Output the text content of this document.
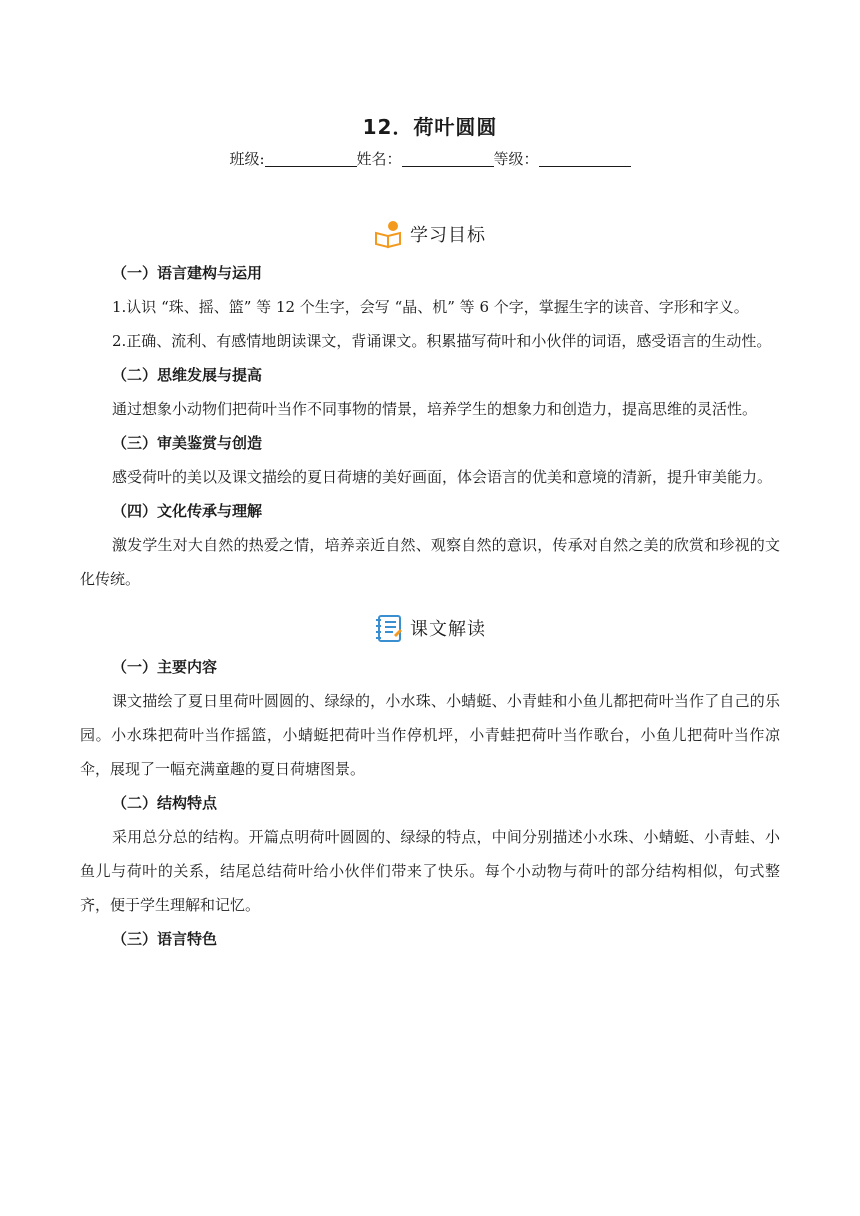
12．荷叶圆圆
班级:	姓名：	等级：
学习目标
（一）语言建构与运用

1.认识 “珠、摇、篮” 等 12 个生字，会写 “晶、机” 等 6 个字，掌握生字的读音、字形和字义。

2.正确、流利、有感情地朗读课文，背诵课文。积累描写荷叶和小伙伴的词语，感受语言的生动性。

（二）思维发展与提高

通过想象小动物们把荷叶当作不同事物的情景，培养学生的想象力和创造力，提高思维的灵活性。

（三）审美鉴赏与创造

感受荷叶的美以及课文描绘的夏日荷塘的美好画面，体会语言的优美和意境的清新，提升审美能力。

（四）文化传承与理解

激发学生对大自然的热爱之情，培养亲近自然、观察自然的意识，传承对自然之美的欣赏和珍视的文化传统。

课文解读
（一）主要内容

课文描绘了夏日里荷叶圆圆的、绿绿的，小水珠、小蜻蜓、小青蛙和小鱼儿都把荷叶当作了自己的乐园。小水珠把荷叶当作摇篮，小蜻蜓把荷叶当作停机坪，小青蛙把荷叶当作歌台，小鱼儿把荷叶当作凉伞，展现了一幅充满童趣的夏日荷塘图景。

（二）结构特点

采用总分总的结构。开篇点明荷叶圆圆的、绿绿的特点，中间分别描述小水珠、小蜻蜓、小青蛙、小鱼儿与荷叶的关系，结尾总结荷叶给小伙伴们带来了快乐。每个小动物与荷叶的部分结构相似，句式整齐，便于学生理解和记忆。

（三）语言特色
